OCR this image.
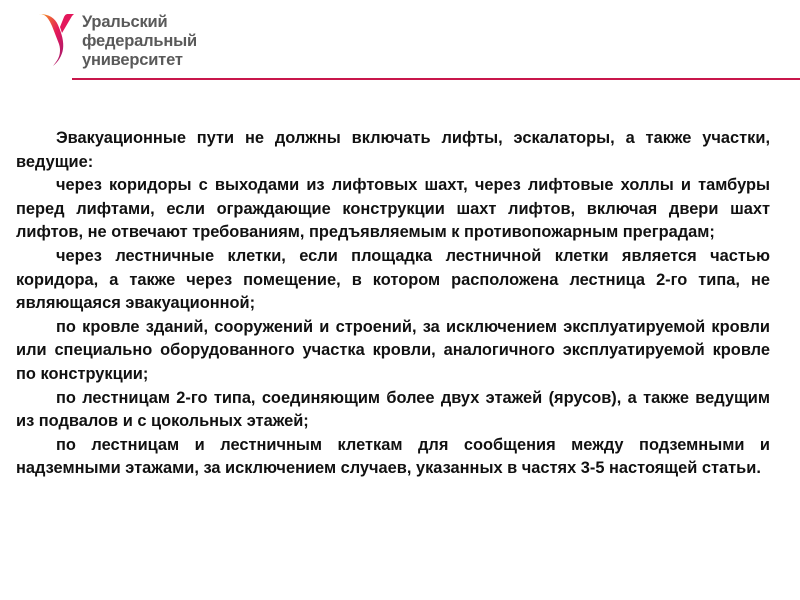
Уральский
федеральный
университет

Эвакуационные пути не должны включать лифты, эскалаторы, а также участки, ведущие:

через коридоры с выходами из лифтовых шахт, через лифтовые холлы и тамбуры перед лифтами, если ограждающие конструкции шахт лифтов, включая двери шахт лифтов, не отвечают требованиям, предъявляемым к противопожарным преградам;

через лестничные клетки, если площадка лестничной клетки является частью коридора, а также через помещение, в котором расположена лестница 2-го типа, не являющаяся эвакуационной;

по кровле зданий, сооружений и строений, за исключением эксплуатируемой кровли или специально оборудованного участка кровли, аналогичного эксплуатируемой кровле по конструкции;

по лестницам 2-го типа, соединяющим более двух этажей (ярусов), а также ведущим из подвалов и с цокольных этажей;

по лестницам и лестничным клеткам для сообщения между подземными и надземными этажами, за исключением случаев, указанных в частях 3-5 настоящей статьи.
